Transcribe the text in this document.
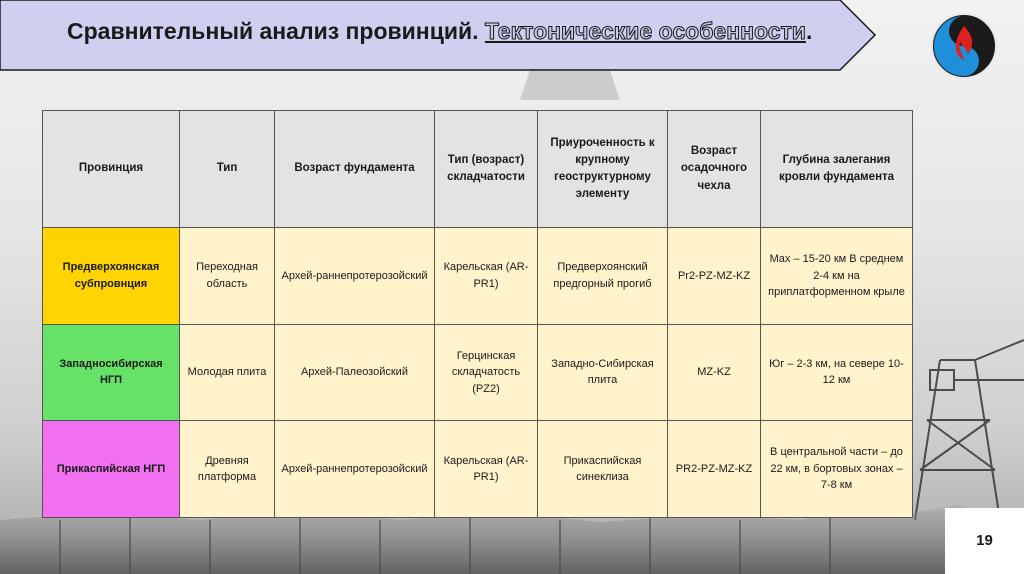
Сравнительный анализ провинций. Тектонические особенности.
Провинция	Тип	Возраст фундамента	Тип (возраст) складчатости	Приуроченность к крупному геоструктурному элементу	Возраст осадочного чехла	Глубина залегания кровли фундамента
Предверхоянская субпровнция	Переходная область	Архей-раннепротерозойский	Карельская (AR-PR1)	Предверхоянский предгорный прогиб	Pr2-PZ-MZ-KZ	Max – 15-20 км В среднем 2-4 км на приплатформенном крыле
Западносибирская НГП	Молодая плита	Архей-Палеозойский	Герцинская складчатость (PZ2)	Западно-Сибирская плита	MZ-KZ	Юг – 2-3 км, на севере 10-12 км
Прикаспийская НГП	Древняя платформа	Архей-раннепротерозойский	Карельская (AR-PR1)	Прикаспийская синеклиза	PR2-PZ-MZ-KZ	В центральной части – до 22 км, в бортовых зонах – 7-8 км
19
